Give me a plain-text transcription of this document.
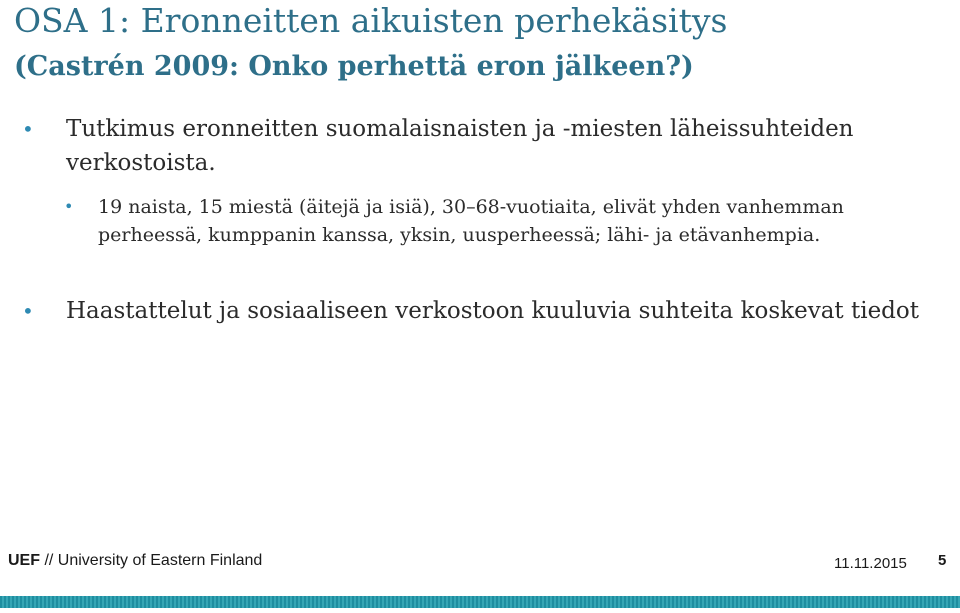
OSA 1: Eronneitten aikuisten perhekäsitys
(Castrén 2009: Onko perhettä eron jälkeen?)
•	Tutkimus eronneitten suomalaisnaisten ja -miesten läheissuhteiden verkostoista.
•	19 naista, 15 miestä (äitejä ja isiä), 30–68-vuotiaita, elivät yhden vanhemman perheessä, kumppanin kanssa, yksin, uusperheessä; lähi- ja etävanhempia.
•	Haastattelut ja sosiaaliseen verkostoon kuuluvia suhteita koskevat tiedot
UEF // University of Eastern Finland	11.11.2015 5
